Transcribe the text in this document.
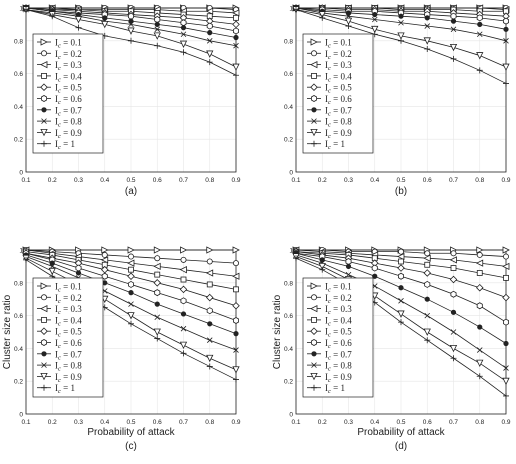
0.1	0.2	0.3	0.4	0.5	0.6	0.7	0.8	0.9
0
0.2
0.4
0.6
0.8
1
$I_c = 0.1$
$I_c = 0.2$
$I_c = 0.3$
$I_c = 0.4$
$I_c = 0.5$
$I_c = 0.6$
$I_c = 0.7$
$I_c = 0.8$
$I_c = 0.9$
$I_c = 1$
(a)
0.1	0.2	0.3	0.4	0.5	0.6	0.7	0.8	0.9
0
0.2
0.4
0.6
0.8
1
$I_c = 0.1$
$I_c = 0.2$
$I_c = 0.3$
$I_c = 0.4$
$I_c = 0.5$
$I_c = 0.6$
$I_c = 0.7$
$I_c = 0.8$
$I_c = 0.9$
$I_c = 1$
(b)
0.1	0.2	0.3	0.4	0.5	0.6	0.7	0.8	0.9
0
0.2
0.4
0.6
0.8
1
$I_c = 0.1$
$I_c = 0.2$
$I_c = 0.3$
$I_c = 0.4$
$I_c = 0.5$
$I_c = 0.6$
$I_c = 0.7$
$I_c = 0.8$
$I_c = 0.9$
$I_c = 1$
(c)
Probability of attack
Cluster size ratio
0.1	0.2	0.3	0.4	0.5	0.6	0.7	0.8	0.9
0
0.2
0.4
0.6
0.8
1
$I_c = 0.1$
$I_c = 0.2$
$I_c = 0.3$
$I_c = 0.4$
$I_c = 0.5$
$I_c = 0.6$
$I_c = 0.7$
$I_c = 0.8$
$I_c = 0.9$
$I_c = 1$
(d)
Probability of attack
Cluster size ratio
